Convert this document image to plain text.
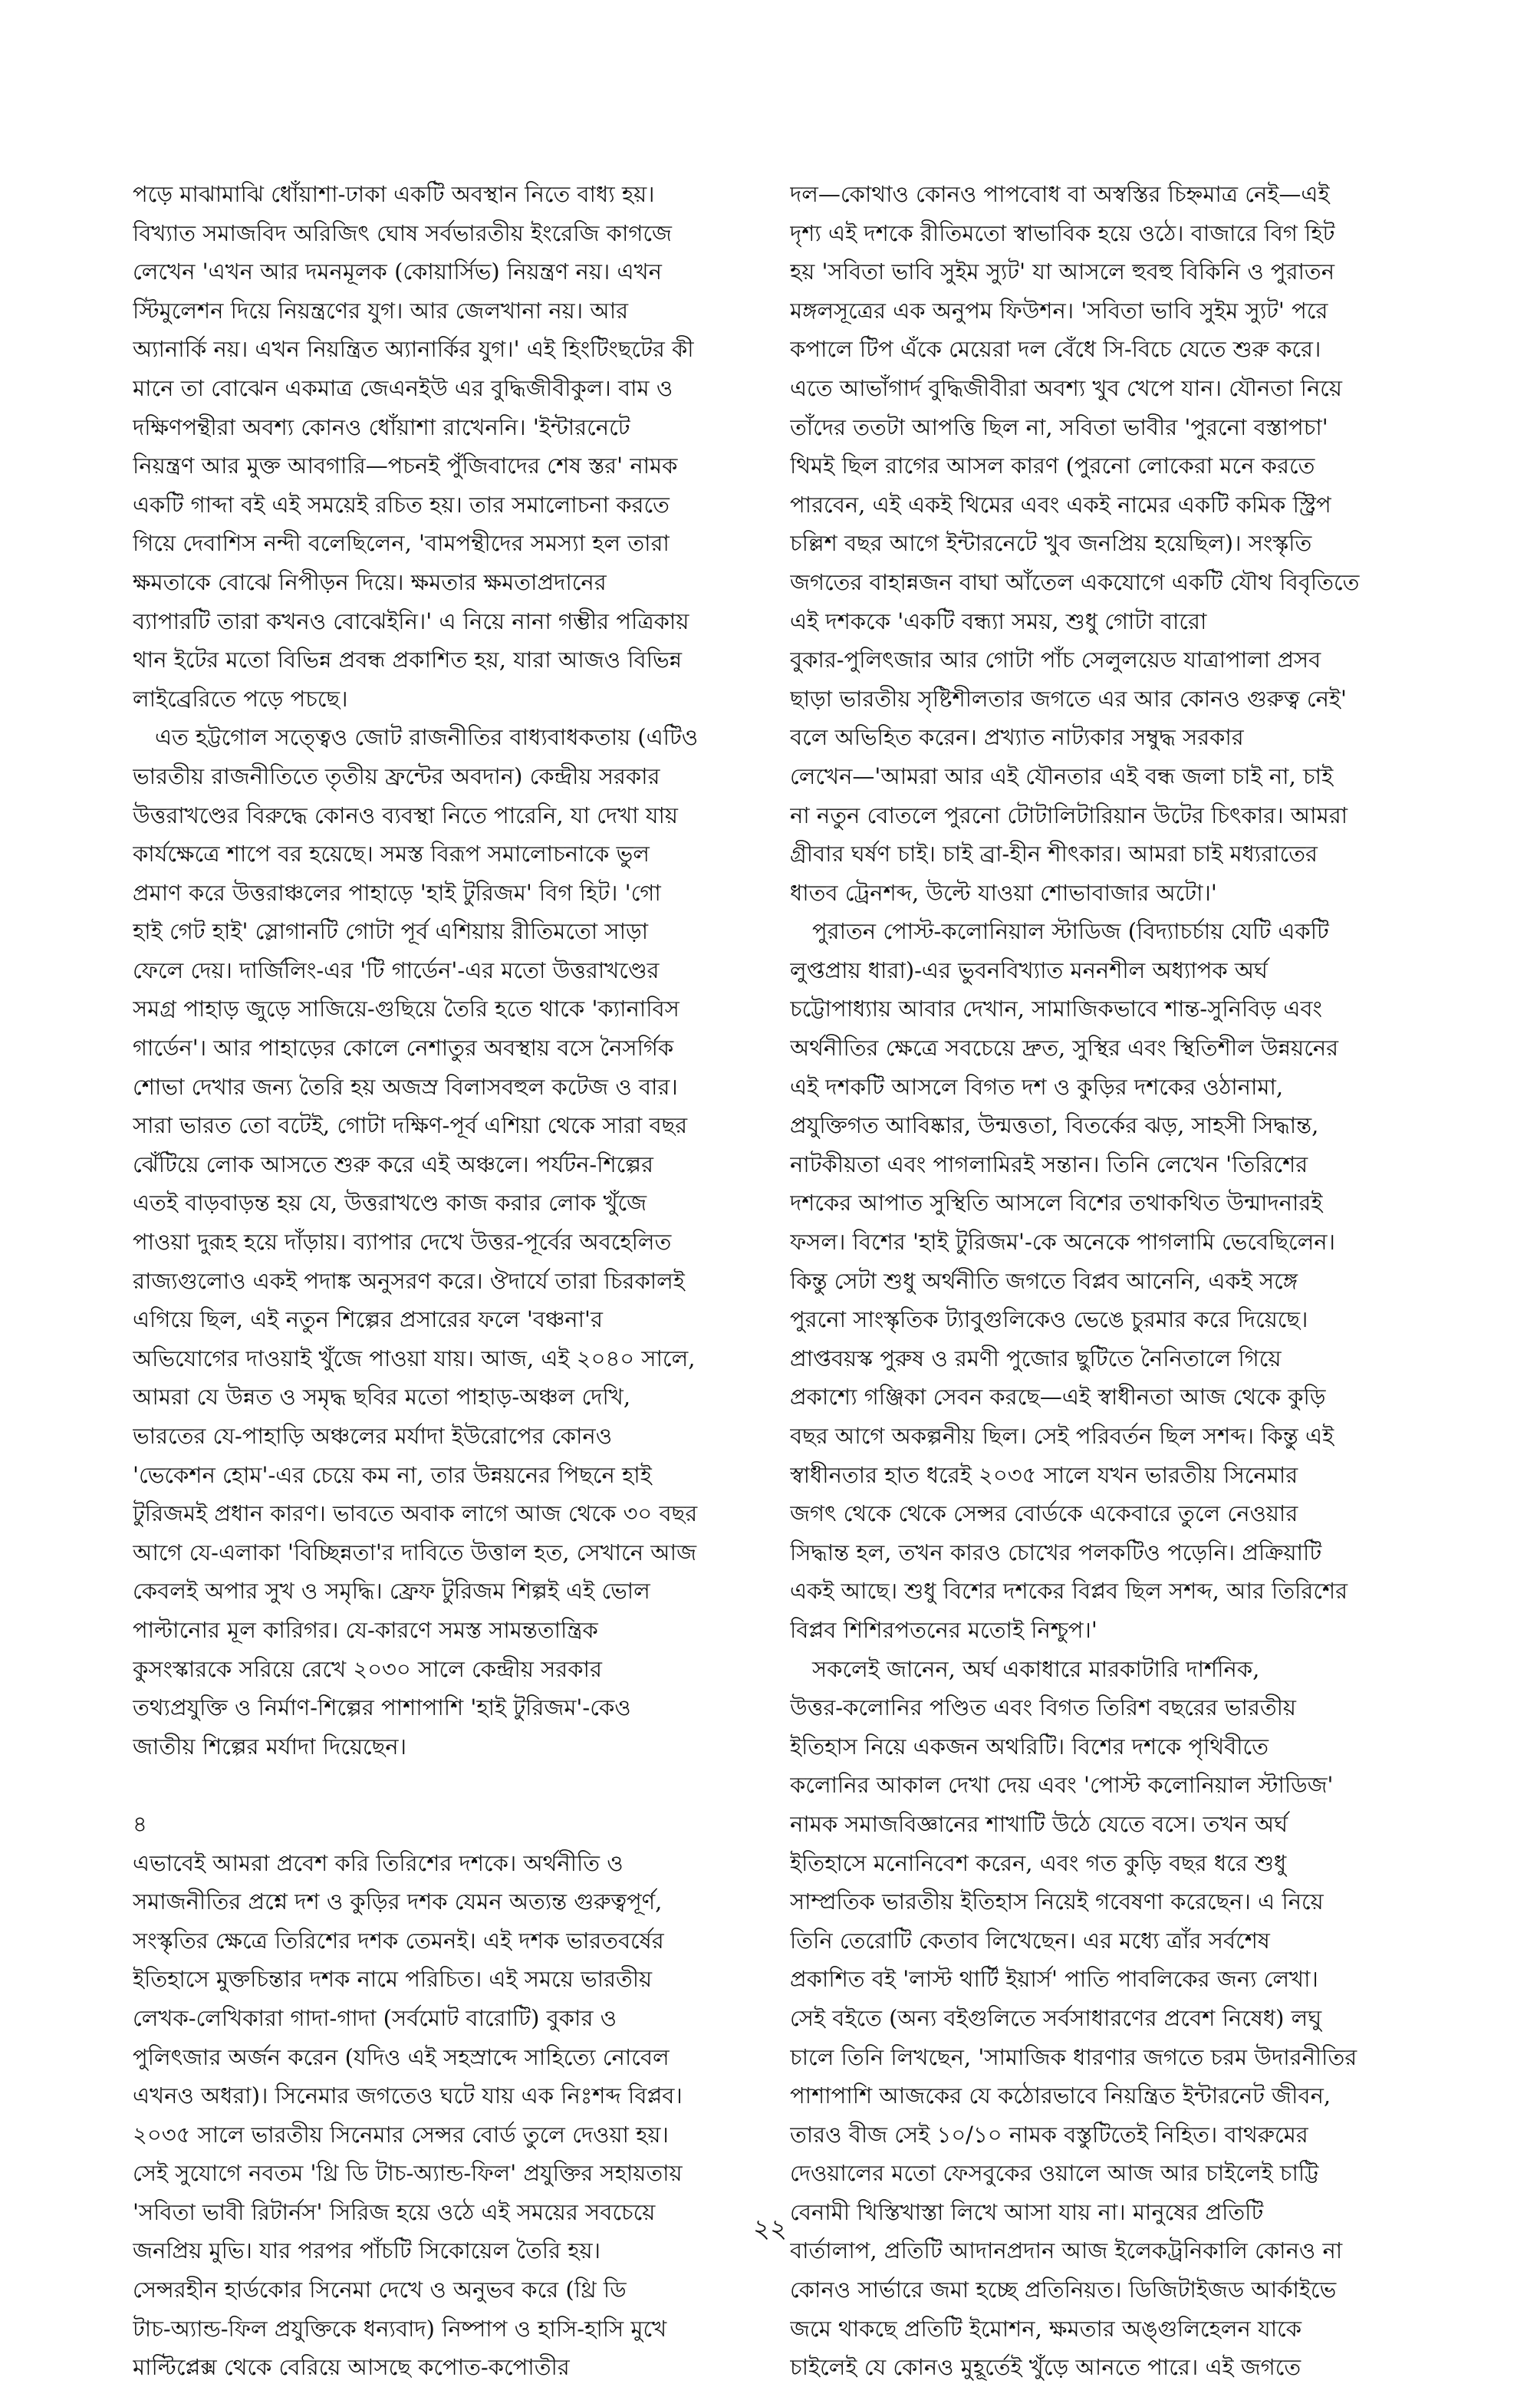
পড়ে মাঝামাঝি ধোঁয়াশা-ঢাকা একটি অবস্থান নিতে বাধ্য হয়।
বিখ্যাত সমাজবিদ অরিজিৎ ঘোষ সর্বভারতীয় ইংরেজি কাগজে
লেখেন 'এখন আর দমনমূলক (কোয়ার্সিভ) নিয়ন্ত্রণ নয়। এখন
স্টিমুলেশন দিয়ে নিয়ন্ত্রণের যুগ। আর জেলখানা নয়। আর
অ্যানার্কি নয়। এখন নিয়ন্ত্রিত অ্যানার্কির যুগ।' এই হিংটিংছটের কী
মানে তা বোঝেন একমাত্র জেএনইউ এর বুদ্ধিজীবীকুল। বাম ও
দক্ষিণপন্থীরা অবশ্য কোনও ধোঁয়াশা রাখেননি। 'ইন্টারনেটে
নিয়ন্ত্রণ আর মুক্ত আবগারি—পচনই পুঁজিবাদের শেষ স্তর' নামক
একটি গাব্দা বই এই সময়েই রচিত হয়। তার সমালোচনা করতে
গিয়ে দেবাশিস নন্দী বলেছিলেন, 'বামপন্থীদের সমস্যা হল তারা
ক্ষমতাকে বোঝে নিপীড়ন দিয়ে। ক্ষমতার ক্ষমতাপ্রদানের
ব্যাপারটি তারা কখনও বোঝেইনি।' এ নিয়ে নানা গম্ভীর পত্রিকায়
থান ইটের মতো বিভিন্ন প্রবন্ধ প্রকাশিত হয়, যারা আজও বিভিন্ন
লাইব্রেরিতে পড়ে পচছে।
 এত হট্টগোল সত্ত্বেও জোট রাজনীতির বাধ্যবাধকতায় (এটিও
ভারতীয় রাজনীতিতে তৃতীয় ফ্রন্টের অবদান) কেন্দ্রীয় সরকার
উত্তরাখণ্ডের বিরুদ্ধে কোনও ব্যবস্থা নিতে পারেনি, যা দেখা যায়
কার্যক্ষেত্রে শাপে বর হয়েছে। সমস্ত বিরূপ সমালোচনাকে ভুল
প্রমাণ করে উত্তরাঞ্চলের পাহাড়ে 'হাই টুরিজম' বিগ হিট। 'গো
হাই গেট হাই' স্লোগানটি গোটা পূর্ব এশিয়ায় রীতিমতো সাড়া
ফেলে দেয়। দার্জিলিং-এর 'টি গার্ডেন'-এর মতো উত্তরাখণ্ডের
সমগ্র পাহাড় জুড়ে সাজিয়ে-গুছিয়ে তৈরি হতে থাকে 'ক্যানাবিস
গার্ডেন'। আর পাহাড়ের কোলে নেশাতুর অবস্থায় বসে নৈসর্গিক
শোভা দেখার জন্য তৈরি হয় অজস্র বিলাসবহুল কটেজ ও বার।
সারা ভারত তো বটেই, গোটা দক্ষিণ-পূর্ব এশিয়া থেকে সারা বছর
ঝেঁটিয়ে লোক আসতে শুরু করে এই অঞ্চলে। পর্যটন-শিল্পের
এতই বাড়বাড়ন্ত হয় যে, উত্তরাখণ্ডে কাজ করার লোক খুঁজে
পাওয়া দুরূহ হয়ে দাঁড়ায়। ব্যাপার দেখে উত্তর-পূর্বের অবহেলিত
রাজ্যগুলোও একই পদাঙ্ক অনুসরণ করে। ঔদার্যে তারা চিরকালই
এগিয়ে ছিল, এই নতুন শিল্পের প্রসারের ফলে 'বঞ্চনা'র
অভিযোগের দাওয়াই খুঁজে পাওয়া যায়। আজ, এই ২০৪০ সালে,
আমরা যে উন্নত ও সমৃদ্ধ ছবির মতো পাহাড়-অঞ্চল দেখি,
ভারতের যে-পাহাড়ি অঞ্চলের মর্যাদা ইউরোপের কোনও
'ভেকেশন হোম'-এর চেয়ে কম না, তার উন্নয়নের পিছনে হাই
টুরিজমই প্রধান কারণ। ভাবতে অবাক লাগে আজ থেকে ৩০ বছর
আগে যে-এলাকা 'বিচ্ছিন্নতা'র দাবিতে উত্তাল হত, সেখানে আজ
কেবলই অপার সুখ ও সমৃদ্ধি। ফ্রেফ টুরিজম শিল্পই এই ভোল
পাল্টানোর মূল কারিগর। যে-কারণে সমস্ত সামন্ততান্ত্রিক
কুসংস্কারকে সরিয়ে রেখে ২০৩০ সালে কেন্দ্রীয় সরকার
তথ্যপ্রযুক্তি ও নির্মাণ-শিল্পের পাশাপাশি 'হাই টুরিজম'-কেও
জাতীয় শিল্পের মর্যাদা দিয়েছেন।
৪
এভাবেই আমরা প্রবেশ করি তিরিশের দশকে। অর্থনীতি ও
সমাজনীতির প্রশ্নে দশ ও কুড়ির দশক যেমন অত্যন্ত গুরুত্বপূর্ণ,
সংস্কৃতির ক্ষেত্রে তিরিশের দশক তেমনই। এই দশক ভারতবর্ষের
ইতিহাসে মুক্তচিন্তার দশক নামে পরিচিত। এই সময়ে ভারতীয়
লেখক-লেখিকারা গাদা-গাদা (সর্বমোট বারোটি) বুকার ও
পুলিৎজার অর্জন করেন (যদিও এই সহস্রাব্দে সাহিত্যে নোবেল
এখনও অধরা)। সিনেমার জগতেও ঘটে যায় এক নিঃশব্দ বিপ্লব।
২০৩৫ সালে ভারতীয় সিনেমার সেন্সর বোর্ড তুলে দেওয়া হয়।
সেই সুযোগে নবতম 'থ্রি ডি টাচ-অ্যান্ড-ফিল' প্রযুক্তির সহায়তায়
'সবিতা ভাবী রিটার্নস' সিরিজ হয়ে ওঠে এই সময়ের সবচেয়ে
জনপ্রিয় মুভি। যার পরপর পাঁচটি সিকোয়েল তৈরি হয়।
সেন্সরহীন হার্ডকোর সিনেমা দেখে ও অনুভব করে (থ্রি ডি
টাচ-অ্যান্ড-ফিল প্রযুক্তিকে ধন্যবাদ) নিষ্পাপ ও হাসি-হাসি মুখে
মাল্টিপ্লেক্স থেকে বেরিয়ে আসছে কপোত-কপোতীর
দল—কোথাও কোনও পাপবোধ বা অস্বস্তির চিহ্নমাত্র নেই—এই
দৃশ্য এই দশকে রীতিমতো স্বাভাবিক হয়ে ওঠে। বাজারে বিগ হিট
হয় 'সবিতা ভাবি সুইম স্যুট' যা আসলে হুবহু বিকিনি ও পুরাতন
মঙ্গলসূত্রের এক অনুপম ফিউশন। 'সবিতা ভাবি সুইম স্যুট' পরে
কপালে টিপ এঁকে মেয়েরা দল বেঁধে সি-বিচে যেতে শুরু করে।
এতে আভাঁগার্দ বুদ্ধিজীবীরা অবশ্য খুব খেপে যান। যৌনতা নিয়ে
তাঁদের ততটা আপত্তি ছিল না, সবিতা ভাবীর 'পুরনো বস্তাপচা'
থিমই ছিল রাগের আসল কারণ (পুরনো লোকেরা মনে করতে
পারবেন, এই একই থিমের এবং একই নামের একটি কমিক স্ট্রিপ
চল্লিশ বছর আগে ইন্টারনেটে খুব জনপ্রিয় হয়েছিল)। সংস্কৃতি
জগতের বাহান্নজন বাঘা আঁতেল একযোগে একটি যৌথ বিবৃতিতে
এই দশককে 'একটি বন্ধ্যা সময়, শুধু গোটা বারো
বুকার-পুলিৎজার আর গোটা পাঁচ সেলুলয়েড যাত্রাপালা প্রসব
ছাড়া ভারতীয় সৃষ্টিশীলতার জগতে এর আর কোনও গুরুত্ব নেই'
বলে অভিহিত করেন। প্রখ্যাত নাট্যকার সম্বুদ্ধ সরকার
লেখেন—'আমরা আর এই যৌনতার এই বন্ধ জলা চাই না, চাই
না নতুন বোতলে পুরনো টোটালিটারিয়ান উটের চিৎকার। আমরা
গ্রীবার ঘর্ষণ চাই। চাই ব্রা-হীন শীৎকার। আমরা চাই মধ্যরাতের
ধাতব ট্রেনশব্দ, উল্টে যাওয়া শোভাবাজার অটো।'
 পুরাতন পোস্ট-কলোনিয়াল স্টাডিজ (বিদ্যাচর্চায় যেটি একটি
লুপ্তপ্রায় ধারা)-এর ভুবনবিখ্যাত মননশীল অধ্যাপক অর্ঘ
চট্টোপাধ্যায় আবার দেখান, সামাজিকভাবে শান্ত-সুনিবিড় এবং
অর্থনীতির ক্ষেত্রে সবচেয়ে দ্রুত, সুস্থির এবং স্থিতিশীল উন্নয়নের
এই দশকটি আসলে বিগত দশ ও কুড়ির দশকের ওঠানামা,
প্রযুক্তিগত আবিষ্কার, উন্মত্ততা, বিতর্কের ঝড়, সাহসী সিদ্ধান্ত,
নাটকীয়তা এবং পাগলামিরই সন্তান। তিনি লেখেন 'তিরিশের
দশকের আপাত সুস্থিতি আসলে বিশের তথাকথিত উন্মাদনারই
ফসল। বিশের 'হাই টুরিজম'-কে অনেকে পাগলামি ভেবেছিলেন।
কিন্তু সেটা শুধু অর্থনীতি জগতে বিপ্লব আনেনি, একই সঙ্গে
পুরনো সাংস্কৃতিক ট্যাবুগুলিকেও ভেঙে চুরমার করে দিয়েছে।
প্রাপ্তবয়স্ক পুরুষ ও রমণী পুজোর ছুটিতে নৈনিতালে গিয়ে
প্রকাশ্যে গঞ্জিকা সেবন করছে—এই স্বাধীনতা আজ থেকে কুড়ি
বছর আগে অকল্পনীয় ছিল। সেই পরিবর্তন ছিল সশব্দ। কিন্তু এই
স্বাধীনতার হাত ধরেই ২০৩৫ সালে যখন ভারতীয় সিনেমার
জগৎ থেকে থেকে সেন্সর বোর্ডকে একেবারে তুলে নেওয়ার
সিদ্ধান্ত হল, তখন কারও চোখের পলকটিও পড়েনি। প্রক্রিয়াটি
একই আছে। শুধু বিশের দশকের বিপ্লব ছিল সশব্দ, আর তিরিশের
বিপ্লব শিশিরপতনের মতোই নিশ্চুপ।'
 সকলেই জানেন, অর্ঘ একাধারে মারকাটারি দার্শনিক,
উত্তর-কলোনির পণ্ডিত এবং বিগত তিরিশ বছরের ভারতীয়
ইতিহাস নিয়ে একজন অথরিটি। বিশের দশকে পৃথিবীতে
কলোনির আকাল দেখা দেয় এবং 'পোস্ট কলোনিয়াল স্টাডিজ'
নামক সমাজবিজ্ঞানের শাখাটি উঠে যেতে বসে। তখন অর্ঘ
ইতিহাসে মনোনিবেশ করেন, এবং গত কুড়ি বছর ধরে শুধু
সাম্প্রতিক ভারতীয় ইতিহাস নিয়েই গবেষণা করেছেন। এ নিয়ে
তিনি তেরোটি কেতাব লিখেছেন। এর মধ্যে ত্রাঁর সর্বশেষ
প্রকাশিত বই 'লাস্ট থার্টি ইয়ার্স' পাতি পাবলিকের জন্য লেখা।
সেই বইতে (অন্য বইগুলিতে সর্বসাধারণের প্রবেশ নিষেধ) লঘু
চালে তিনি লিখছেন, 'সামাজিক ধারণার জগতে চরম উদারনীতির
পাশাপাশি আজকের যে কঠোরভাবে নিয়ন্ত্রিত ইন্টারনেট জীবন,
তারও বীজ সেই ১০/১০ নামক বস্তুটিতেই নিহিত। বাথরুমের
দেওয়ালের মতো ফেসবুকের ওয়ালে আজ আর চাইলেই চাট্টি
বেনামী খিস্তিখাস্তা লিখে আসা যায় না। মানুষের প্রতিটি
বার্তালাপ, প্রতিটি আদানপ্রদান আজ ইলেকট্রনিকালি কোনও না
কোনও সার্ভারে জমা হচ্ছে প্রতিনিয়ত। ডিজিটাইজড আর্কাইভে
জমে থাকছে প্রতিটি ইমোশন, ক্ষমতার অঙ্গুলিহেলন যাকে
চাইলেই যে কোনও মুহূর্তেই খুঁড়ে আনতে পারে। এই জগতে
২২
